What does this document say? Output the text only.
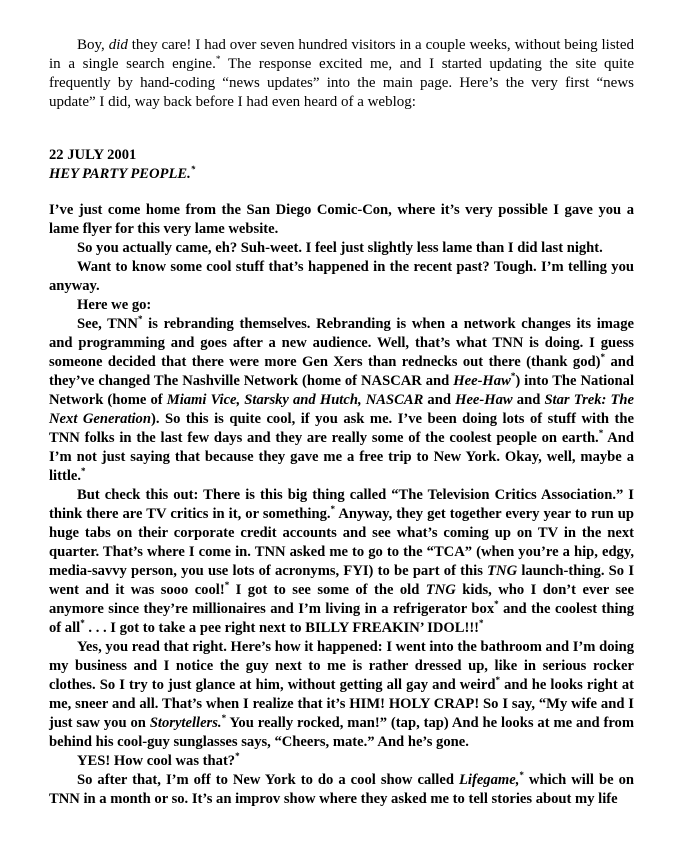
Boy, did they care! I had over seven hundred visitors in a couple weeks, without being listed in a single search engine.* The response excited me, and I started updating the site quite frequently by hand-coding “news updates” into the main page. Here’s the very first “news update” I did, way back before I had even heard of a weblog:

22 JULY 2001

HEY PARTY PEOPLE.*

I’ve just come home from the San Diego Comic-Con, where it’s very possible I gave you a lame flyer for this very lame website.

So you actually came, eh? Suh-weet. I feel just slightly less lame than I did last night.

Want to know some cool stuff that’s happened in the recent past? Tough. I’m telling you anyway.

Here we go:

See, TNN* is rebranding themselves. Rebranding is when a network changes its image and programming and goes after a new audience. Well, that’s what TNN is doing. I guess someone decided that there were more Gen Xers than rednecks out there (thank god)* and they’ve changed The Nashville Network (home of NASCAR and Hee-Haw*) into The National Network (home of Miami Vice, Starsky and Hutch, NASCAR and Hee-Haw and Star Trek: The Next Generation). So this is quite cool, if you ask me. I’ve been doing lots of stuff with the TNN folks in the last few days and they are really some of the coolest people on earth.* And I’m not just saying that because they gave me a free trip to New York. Okay, well, maybe a little.*

But check this out: There is this big thing called “The Television Critics Association.” I think there are TV critics in it, or something.* Anyway, they get together every year to run up huge tabs on their corporate credit accounts and see what’s coming up on TV in the next quarter. That’s where I come in. TNN asked me to go to the “TCA” (when you’re a hip, edgy, media-savvy person, you use lots of acronyms, FYI) to be part of this TNG launch-thing. So I went and it was sooo cool!* I got to see some of the old TNG kids, who I don’t ever see anymore since they’re millionaires and I’m living in a refrigerator box* and the coolest thing of all* . . . I got to take a pee right next to BILLY FREAKIN’ IDOL!!!*

Yes, you read that right. Here’s how it happened: I went into the bathroom and I’m doing my business and I notice the guy next to me is rather dressed up, like in serious rocker clothes. So I try to just glance at him, without getting all gay and weird* and he looks right at me, sneer and all. That’s when I realize that it’s HIM! HOLY CRAP! So I say, “My wife and I just saw you on Storytellers.* You really rocked, man!” (tap, tap) And he looks at me and from behind his cool-guy sunglasses says, “Cheers, mate.” And he’s gone.

YES! How cool was that?*

So after that, I’m off to New York to do a cool show called Lifegame,* which will be on TNN in a month or so. It’s an improv show where they asked me to tell stories about my life
